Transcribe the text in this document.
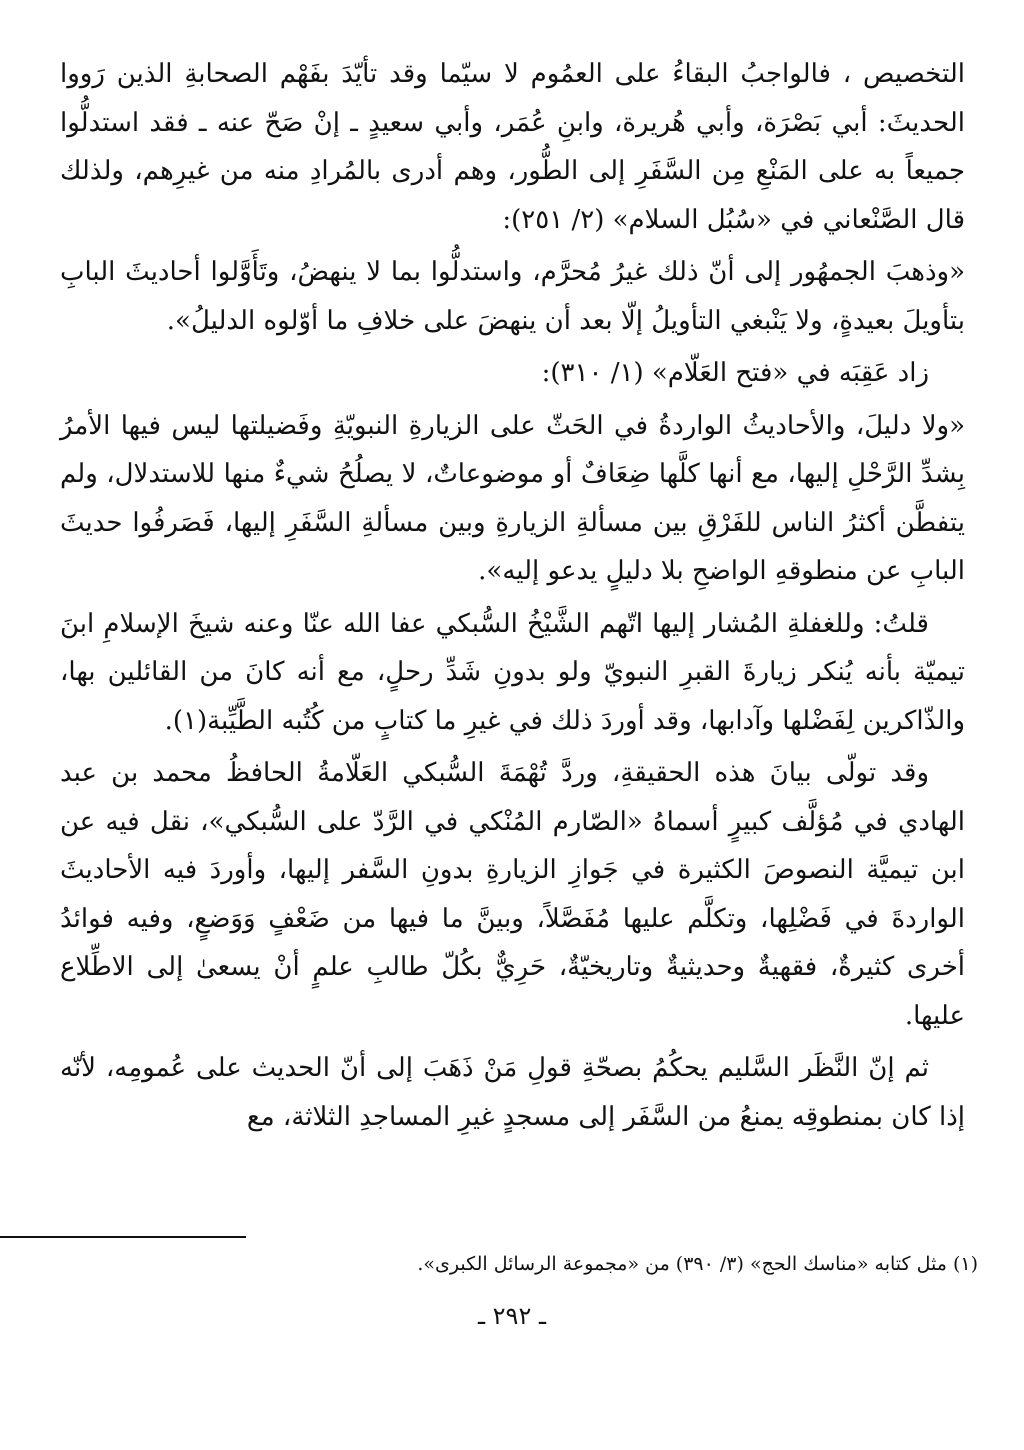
التخصيص ، فالواجبُ البقاءُ على العمُوم لا سيّما وقد تأيّدَ بفَهْم الصحابةِ الذين رَووا الحديثَ: أبي بَصْرَة، وأبي هُريرة، وابنِ عُمَر، وأبي سعيدٍ ـ إنْ صَحّ عنه ـ فقد استدلُّوا جميعاً به على المَنْعِ مِن السَّفَرِ إلى الطُّور، وهم أدرى بالمُرادِ منه من غيرِهم، ولذلك قال الصَّنْعاني في «سُبُل السلام» (٢/ ٢٥١):

«وذهبَ الجمهُور إلى أنّ ذلك غيرُ مُحرَّم، واستدلُّوا بما لا ينهضُ، وتَأَوَّلوا أحاديثَ البابِ بتأويلَ بعيدةٍ، ولا يَنْبغي التأويلُ إلّا بعد أن ينهضَ على خلافِ ما أوّلوه الدليلُ».

زاد عَقِبَه في «فتح العَلّام» (١/ ٣١٠):

«ولا دليلَ، والأحاديثُ الواردةُ في الحَثّ على الزيارةِ النبويّةِ وفَضيلتها ليس فيها الأمرُ بِشدِّ الرَّحْلِ إليها، مع أنها كلَّها ضِعَافٌ أو موضوعاتٌ، لا يصلُحُ شيءٌ منها للاستدلال، ولم يتفطَّن أكثرُ الناس للفَرْقِ بين مسألةِ الزيارةِ وبين مسألةِ السَّفَرِ إليها، فَصَرفُوا حديثَ البابِ عن منطوقهِ الواضحِ بلا دليلٍ يدعو إليه».

قلتُ: وللغفلةِ المُشار إليها اتّهم الشَّيْخُ السُّبكي عفا الله عنّا وعنه شيخَ الإسلامِ ابنَ تيميّة بأنه يُنكر زيارةَ القبرِ النبويّ ولو بدونِ شَدِّ رحلٍ، مع أنه كانَ من القائلين بها، والذّاكرين لِفَضْلها وآدابها، وقد أوردَ ذلك في غيرِ ما كتابٍ من كُتُبه الطَّيِّبة(١).

وقد تولّى بيانَ هذه الحقيقةِ، وردَّ تُهْمَةَ السُّبكي العَلّامةُ الحافظُ محمد بن عبد الهادي في مُؤلَّف كبيرٍ أسماهُ «الصّارم المُنْكي في الرَّدّ على السُّبكي»، نقل فيه عن ابن تيميَّة النصوصَ الكثيرة في جَوازِ الزيارةِ بدونِ السَّفر إليها، وأوردَ فيه الأحاديثَ الواردةَ في فَضْلِها، وتكلَّم عليها مُفَصَّلاً، وبينَّ ما فيها من ضَعْفٍ وَوَضعٍ، وفيه فوائدُ أخرى كثيرةٌ، فقهيةٌ وحديثيةٌ وتاريخيّةٌ، حَرِيٌّ بكُلّ طالبِ علمٍ أنْ يسعىٰ إلى الاطِّلاع عليها.

ثم إنّ النَّظَر السَّليم يحكُمُ بصحّةِ قولِ مَنْ ذَهَبَ إلى أنّ الحديث على عُمومِه، لأنّه إذا كان بمنطوقِه يمنعُ من السَّفَر إلى مسجدٍ غيرِ المساجدِ الثلاثة، مع

(١) مثل كتابه «مناسك الحج» (٣/ ٣٩٠) من «مجموعة الرسائل الكبرى».

ـ ٢٩٢ ـ
